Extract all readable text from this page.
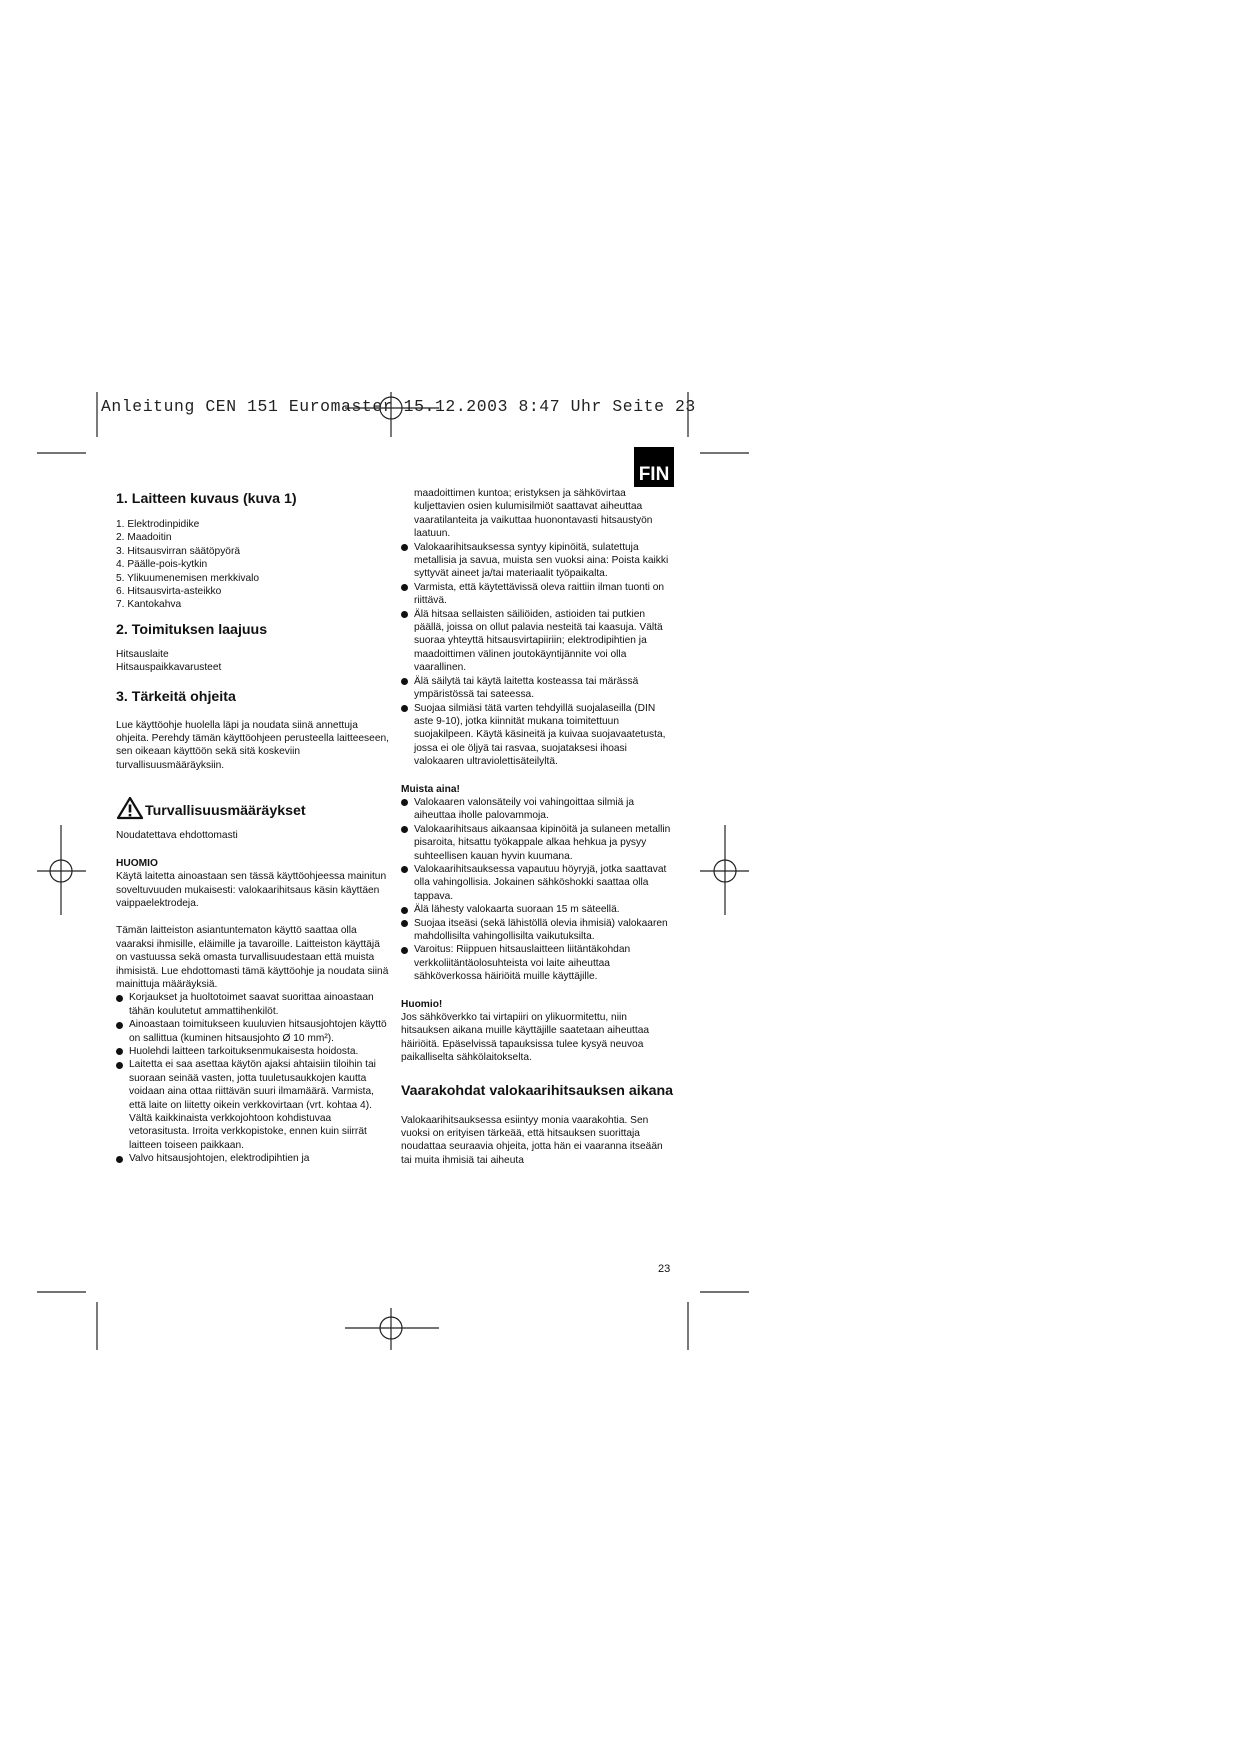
Anleitung CEN 151 Euromaster 15.12.2003 8:47 Uhr Seite 23
FIN
1. Laitteen kuvaus (kuva 1)
1. Elektrodinpidike
2. Maadoitin
3. Hitsausvirran säätöpyörä
4. Päälle-pois-kytkin
5. Ylikuumenemisen merkkivalo
6. Hitsausvirta-asteikko
7. Kantokahva
2. Toimituksen laajuus

Hitsauslaite

Hitsauspaikkavarusteet

3. Tärkeitä ohjeita

Lue käyttöohje huolella läpi ja noudata siinä annettuja ohjeita. Perehdy tämän käyttöohjeen perusteella laitteeseen, sen oikeaan käyttöön sekä sitä koskeviin turvallisuusmääräyksiin.

Turvallisuusmääräykset

Noudatettava ehdottomasti

HUOMIO

Käytä laitetta ainoastaan sen tässä käyttöohjeessa mainitun soveltuvuuden mukaisesti: valokaarihitsaus käsin käyttäen vaippaelektrodeja.

Tämän laitteiston asiantuntematon käyttö saattaa olla vaaraksi ihmisille, eläimille ja tavaroille. Laitteiston käyttäjä on vastuussa sekä omasta turvallisuudestaan että muista ihmisistä. Lue ehdottomasti tämä käyttöohje ja noudata siinä mainittuja määräyksiä.

Korjaukset ja huoltotoimet saavat suorittaa ainoastaan tähän koulutetut ammattihenkilöt.
Ainoastaan toimitukseen kuuluvien hitsausjohtojen käyttö on sallittua (kuminen hitsausjohto Ø 10 mm²).
Huolehdi laitteen tarkoituksenmukaisesta hoidosta.
Laitetta ei saa asettaa käytön ajaksi ahtaisiin tiloihin tai suoraan seinää vasten, jotta tuuletusaukkojen kautta voidaan aina ottaa riittävän suuri ilmamäärä. Varmista, että laite on liitetty oikein verkkovirtaan (vrt. kohtaa 4). Vältä kaikkinaista verkkojohtoon kohdistuvaa vetorasitusta. Irroita verkkopistoke, ennen kuin siirrät laitteen toiseen paikkaan.
Valvo hitsausjohtojen, elektrodipihtien ja

maadoittimen kuntoa; eristyksen ja sähkövirtaa kuljettavien osien kulumisilmiöt saattavat aiheuttaa vaaratilanteita ja vaikuttaa huonontavasti hitsaustyön laatuun.

Valokaarihitsauksessa syntyy kipinöitä, sulatettuja metallisia ja savua, muista sen vuoksi aina: Poista kaikki syttyvät aineet ja/tai materiaalit työpaikalta.
Varmista, että käytettävissä oleva raittiin ilman tuonti on riittävä.
Älä hitsaa sellaisten säiliöiden, astioiden tai putkien päällä, joissa on ollut palavia nesteitä tai kaasuja. Vältä suoraa yhteyttä hitsausvirtapiiriin; elektrodipihtien ja maadoittimen välinen joutokäyntijännite voi olla vaarallinen.
Älä säilytä tai käytä laitetta kosteassa tai märässä ympäristössä tai sateessa.
Suojaa silmiäsi tätä varten tehdyillä suojalaseilla (DIN aste 9-10), jotka kiinnität mukana toimitettuun suojakilpeen. Käytä käsineitä ja kuivaa suojavaatetusta, jossa ei ole öljyä tai rasvaa, suojataksesi ihoasi valokaaren ultraviolettisäteilyltä.

Muista aina!

Valokaaren valonsäteily voi vahingoittaa silmiä ja aiheuttaa iholle palovammoja.
Valokaarihitsaus aikaansaa kipinöitä ja sulaneen metallin pisaroita, hitsattu työkappale alkaa hehkua ja pysyy suhteellisen kauan hyvin kuumana.
Valokaarihitsauksessa vapautuu höyryjä, jotka saattavat olla vahingollisia. Jokainen sähköshokki saattaa olla tappava.
Älä lähesty valokaarta suoraan 15 m säteellä.
Suojaa itseäsi (sekä lähistöllä olevia ihmisiä) valokaaren mahdollisilta vahingollisilta vaikutuksilta.
Varoitus: Riippuen hitsauslaitteen liitäntäkohdan verkkoliitäntäolosuhteista voi laite aiheuttaa sähköverkossa häiriöitä muille käyttäjille.

Huomio!

Jos sähköverkko tai virtapiiri on ylikuormitettu, niin hitsauksen aikana muille käyttäjille saatetaan aiheuttaa häiriöitä. Epäselvissä tapauksissa tulee kysyä neuvoa paikalliselta sähkölaitokselta.

Vaarakohdat valokaarihitsauksen aikana

Valokaarihitsauksessa esiintyy monia vaarakohtia. Sen vuoksi on erityisen tärkeää, että hitsauksen suorittaja noudattaa seuraavia ohjeita, jotta hän ei vaaranna itseään tai muita ihmisiä tai aiheuta

23
